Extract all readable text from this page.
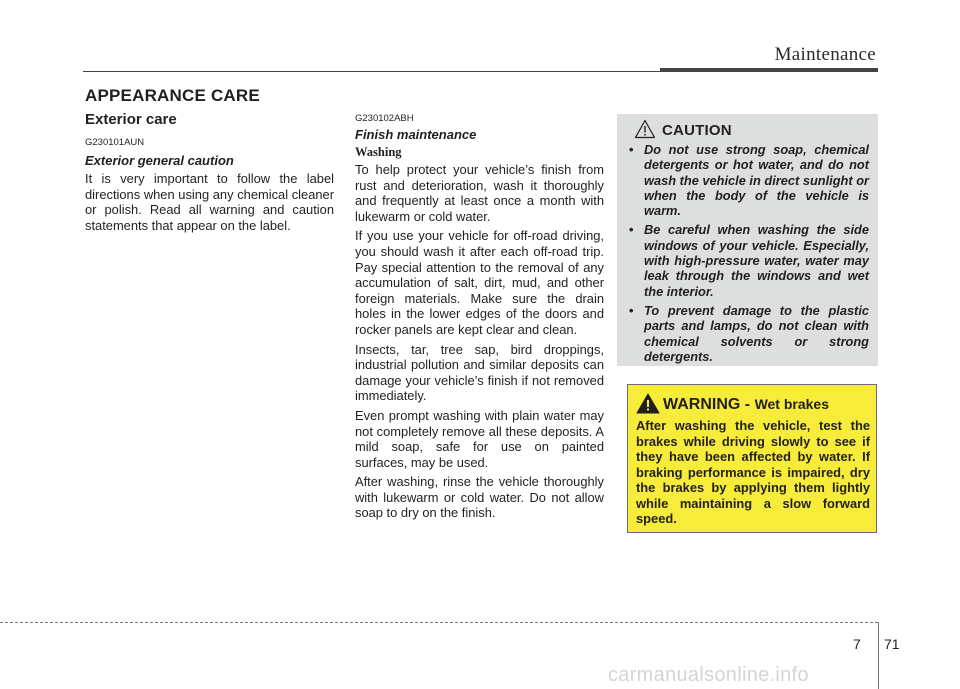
Maintenance
APPEARANCE CARE
Exterior care
G230101AUN
Exterior general caution

It is very important to follow the label directions when using any chemical cleaner or polish. Read all warning and caution statements that appear on the label.

G230102ABH
Finish maintenance
Washing

To help protect your vehicle’s finish from rust and deterioration, wash it thoroughly and frequently at least once a month with lukewarm or cold water.

If you use your vehicle for off-road driving, you should wash it after each off-road trip. Pay special attention to the removal of any accumulation of salt, dirt, mud, and other foreign materials. Make sure the drain holes in the lower edges of the doors and rocker panels are kept clear and clean.

Insects, tar, tree sap, bird droppings, industrial pollution and similar deposits can damage your vehicle’s finish if not removed immediately.

Even prompt washing with plain water may not completely remove all these deposits. A mild soap, safe for use on painted surfaces, may be used.

After washing, rinse the vehicle thoroughly with lukewarm or cold water. Do not allow soap to dry on the finish.

CAUTION
• Do not use strong soap, chemical detergents or hot water, and do not wash the vehicle in direct sunlight or when the body of the vehicle is warm.
• Be careful when washing the side windows of your vehicle. Especially, with high-pressure water, water may leak through the windows and wet the interior.
• To prevent damage to the plastic parts and lamps, do not clean with chemical solvents or strong detergents.
WARNING - Wet brakes

After washing the vehicle, test the brakes while driving slowly to see if they have been affected by water. If braking performance is impaired, dry the brakes by applying them lightly while maintaining a slow forward speed.

7 71
carmanualsonline.info
